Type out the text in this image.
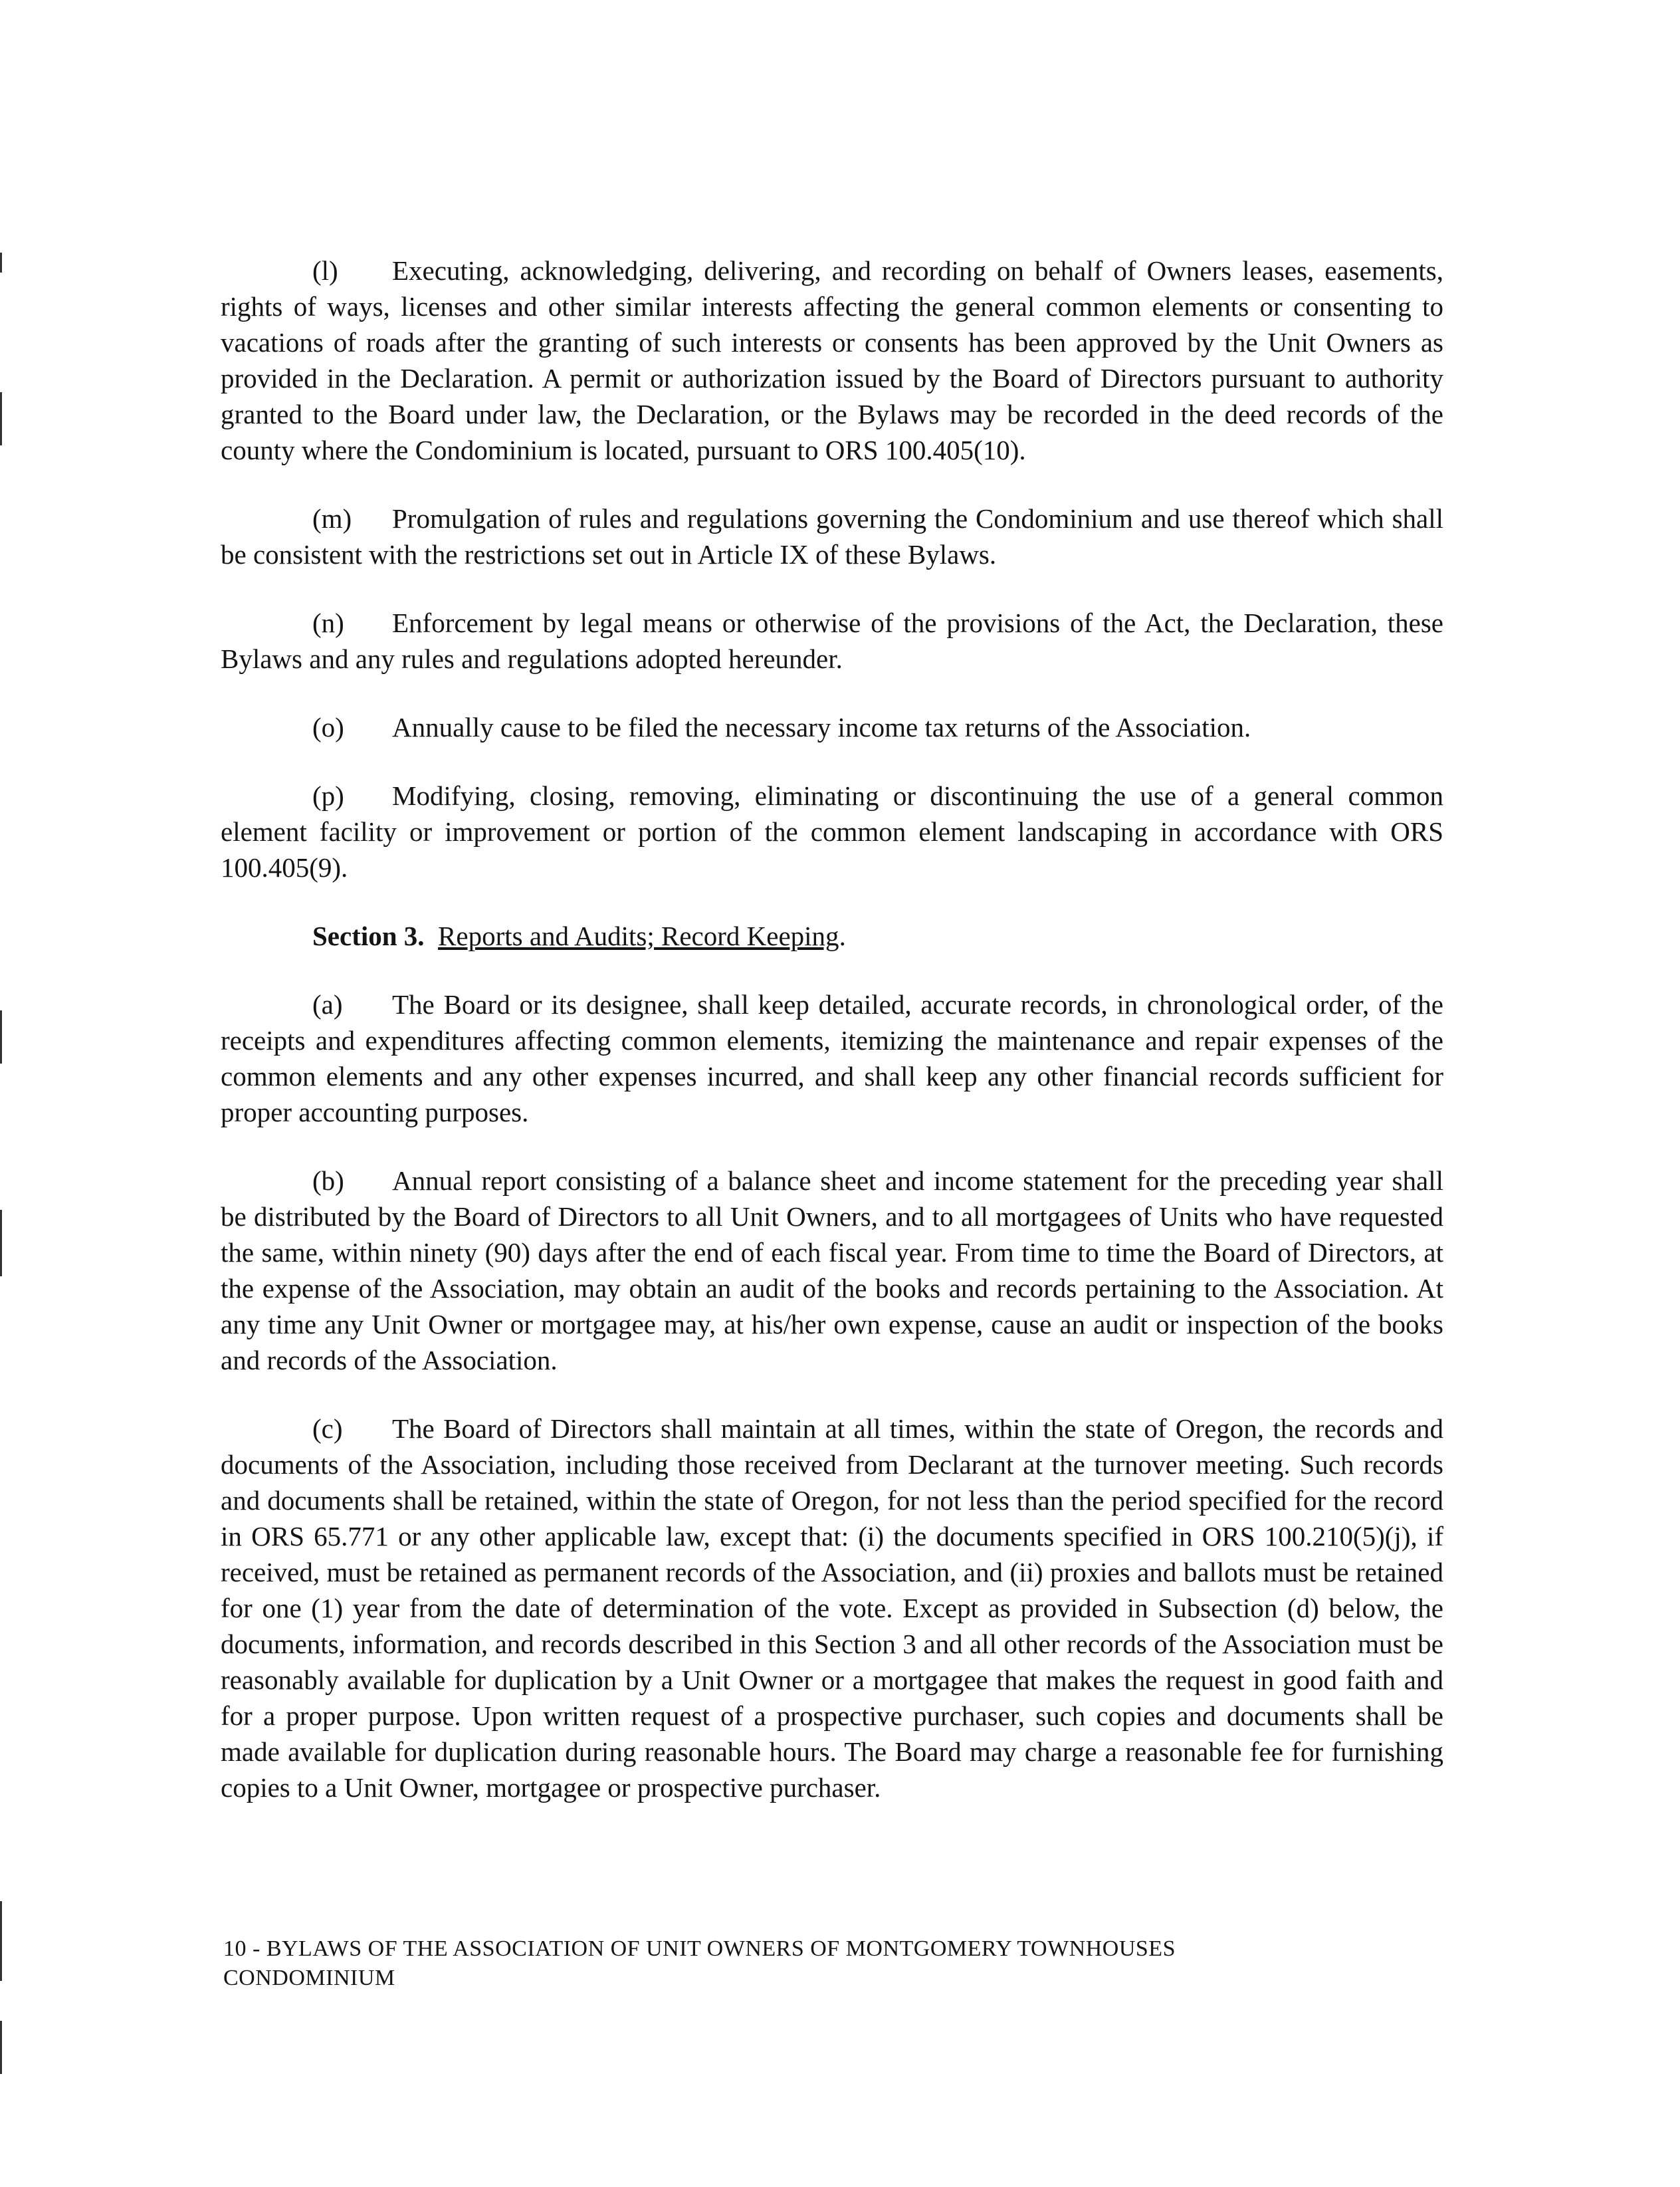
(l) Executing, acknowledging, delivering, and recording on behalf of Owners leases, easements, rights of ways, licenses and other similar interests affecting the general common elements or consenting to vacations of roads after the granting of such interests or consents has been approved by the Unit Owners as provided in the Declaration. A permit or authorization issued by the Board of Directors pursuant to authority granted to the Board under law, the Declaration, or the Bylaws may be recorded in the deed records of the county where the Condominium is located, pursuant to ORS 100.405(10).

(m) Promulgation of rules and regulations governing the Condominium and use thereof which shall be consistent with the restrictions set out in Article IX of these Bylaws.

(n) Enforcement by legal means or otherwise of the provisions of the Act, the Declaration, these Bylaws and any rules and regulations adopted hereunder.

(o) Annually cause to be filed the necessary income tax returns of the Association.

(p) Modifying, closing, removing, eliminating or discontinuing the use of a general common element facility or improvement or portion of the common element landscaping in accordance with ORS 100.405(9).

Section 3. Reports and Audits; Record Keeping.

(a) The Board or its designee, shall keep detailed, accurate records, in chronological order, of the receipts and expenditures affecting common elements, itemizing the maintenance and repair expenses of the common elements and any other expenses incurred, and shall keep any other financial records sufficient for proper accounting purposes.

(b) Annual report consisting of a balance sheet and income statement for the preceding year shall be distributed by the Board of Directors to all Unit Owners, and to all mortgagees of Units who have requested the same, within ninety (90) days after the end of each fiscal year. From time to time the Board of Directors, at the expense of the Association, may obtain an audit of the books and records pertaining to the Association. At any time any Unit Owner or mortgagee may, at his/her own expense, cause an audit or inspection of the books and records of the Association.

(c) The Board of Directors shall maintain at all times, within the state of Oregon, the records and documents of the Association, including those received from Declarant at the turnover meeting. Such records and documents shall be retained, within the state of Oregon, for not less than the period specified for the record in ORS 65.771 or any other applicable law, except that: (i) the documents specified in ORS 100.210(5)(j), if received, must be retained as permanent records of the Association, and (ii) proxies and ballots must be retained for one (1) year from the date of determination of the vote. Except as provided in Subsection (d) below, the documents, information, and records described in this Section 3 and all other records of the Association must be reasonably available for duplication by a Unit Owner or a mortgagee that makes the request in good faith and for a proper purpose. Upon written request of a prospective purchaser, such copies and documents shall be made available for duplication during reasonable hours. The Board may charge a reasonable fee for furnishing copies to a Unit Owner, mortgagee or prospective purchaser.

10 - BYLAWS OF THE ASSOCIATION OF UNIT OWNERS OF MONTGOMERY TOWNHOUSES
CONDOMINIUM
